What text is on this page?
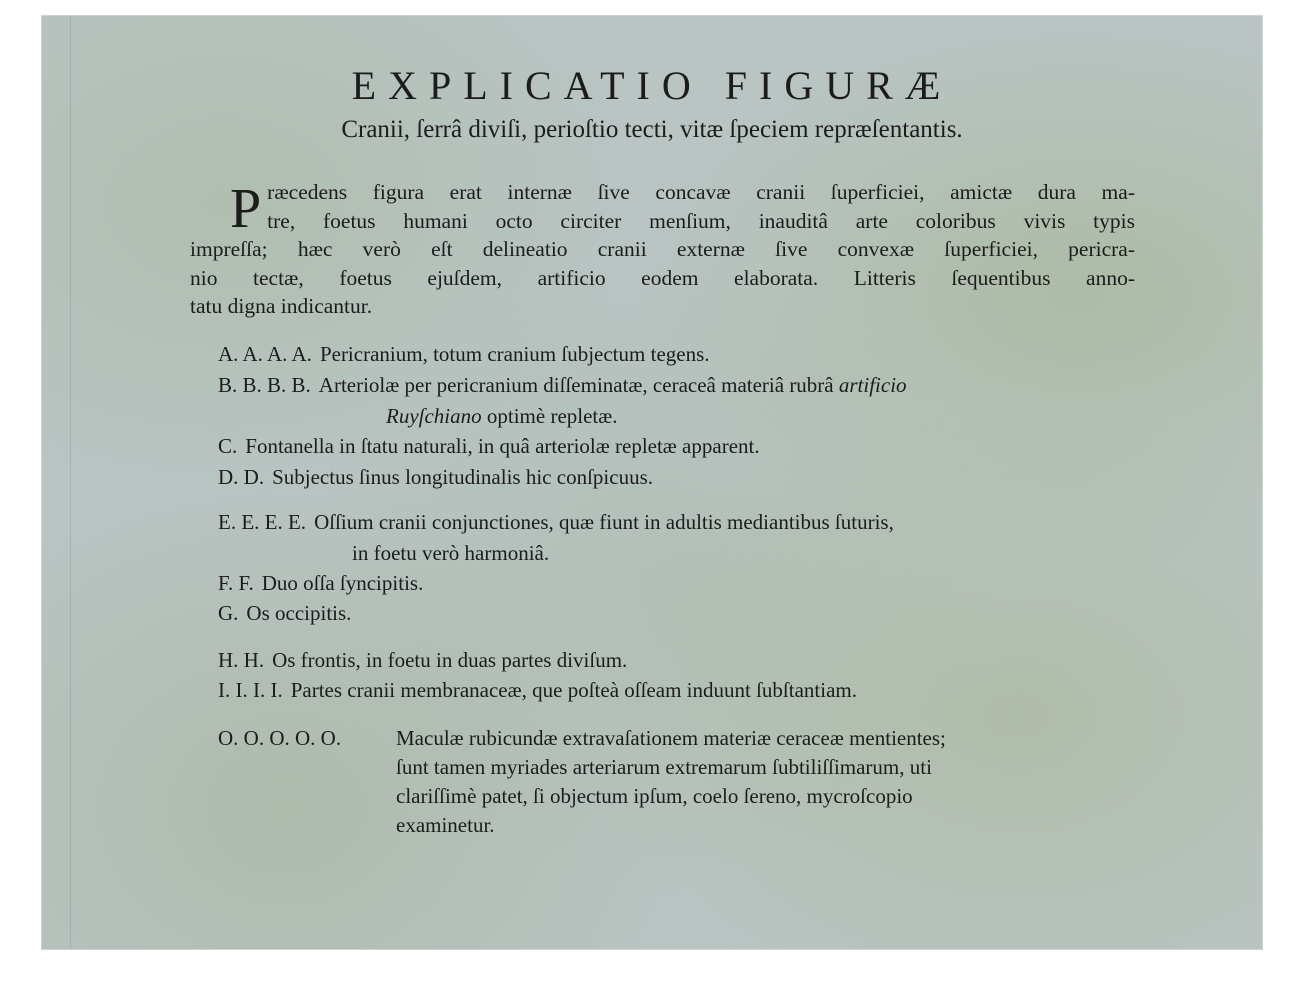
EXPLICATIO FIGURÆ
Cranii, ſerrâ diviſi, perioſtio tecti, vitæ ſpeciem repræſentantis.
P ræcedens figura erat internæ ſive concavæ cranii ſuperficiei, amictæ dura ma-
tre, foetus humani octo circiter menſium, inauditâ arte coloribus vivis typis
impreſſa; hæc verò eſt delineatio cranii externæ ſive convexæ ſuperficiei, pericra-
nio tectæ, foetus ejuſdem, artificio eodem elaborata. Litteris ſequentibus anno-
tatu digna indicantur.
A. A. A. A. Pericranium, totum cranium ſubjectum tegens.
B. B. B. B. Arteriolæ per pericranium diſſeminatæ, ceraceâ materiâ rubrâ artificio
Ruyſchiano optimè repletæ.
C. Fontanella in ſtatu naturali, in quâ arteriolæ repletæ apparent.
D. D. Subjectus ſinus longitudinalis hic conſpicuus.
E. E. E. E. Oſſium cranii conjunctiones, quæ fiunt in adultis mediantibus ſuturis,
in foetu verò harmoniâ.
F. F. Duo oſſa ſyncipitis.
G. Os occipitis.
H. H. Os frontis, in foetu in duas partes diviſum.
I. I. I. I. Partes cranii membranaceæ, que poſteà oſſeam induunt ſubſtantiam.
O. O. O. O. O.	Maculæ rubicundæ extravaſationem materiæ ceraceæ mentientes;
ſunt tamen myriades arteriarum extremarum ſubtiliſſimarum, uti
clariſſimè patet, ſi objectum ipſum, coelo ſereno, mycroſcopio
examinetur.
